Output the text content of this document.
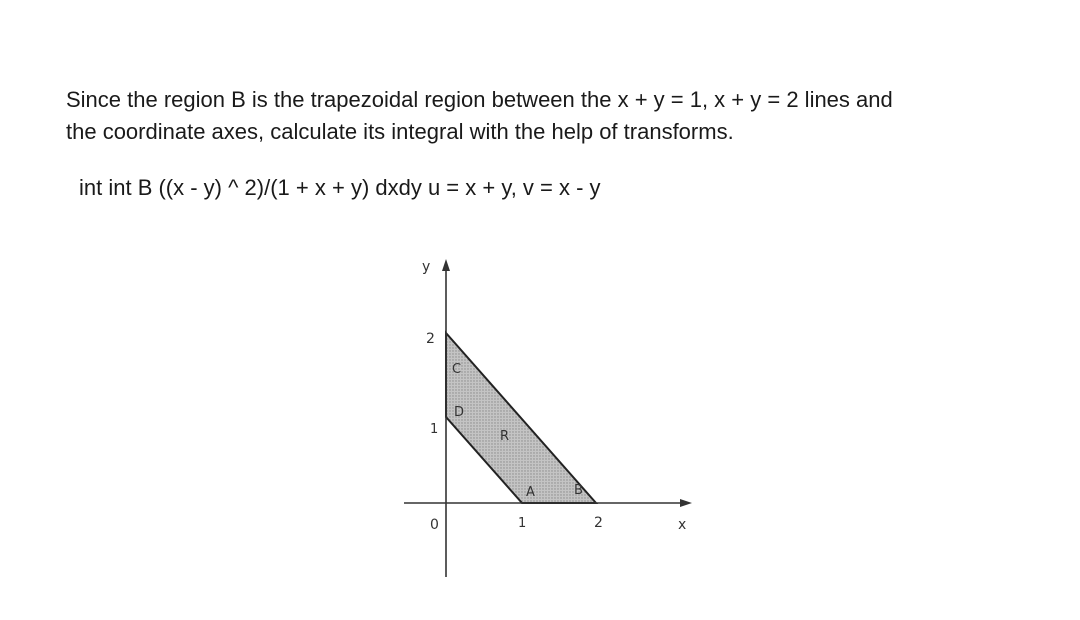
Since the region B is the trapezoidal region between the x + y = 1, x + y = 2 lines and
the coordinate axes, calculate its integral with the help of transforms.

int int B ((x - y) ^ 2)/(1 + x + y) dxdy u = x + y, v = x - y

y
x
0
2
1
1	2
R
A	B
C
D
